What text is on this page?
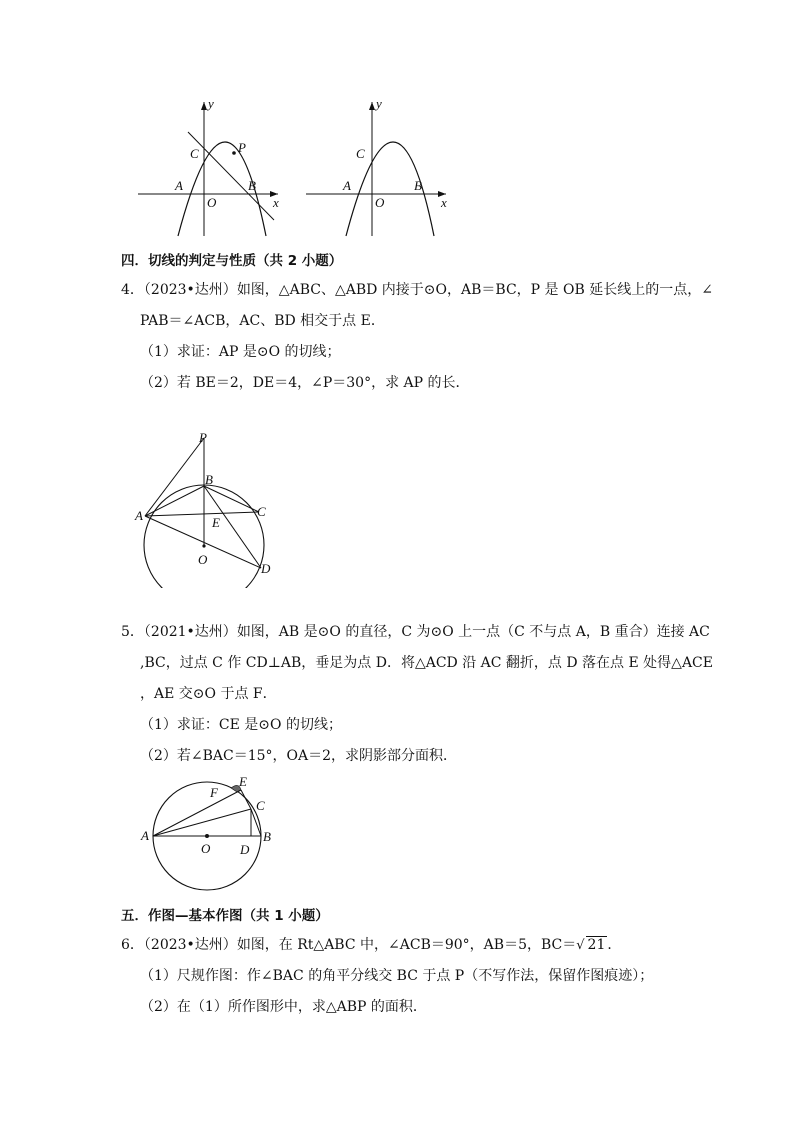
y
x
O
A	B
C	P
y
x
O
A	B
C
四．切线的判定与性质（共 2 小题）
4．（2023•达州）如图，△ABC、△ABD 内接于⊙O，AB＝BC，P 是 OB 延长线上的一点，∠
PAB＝∠ACB，AC、BD 相交于点 E．
（1）求证：AP 是⊙O 的切线；
（2）若 BE＝2，DE＝4，∠P＝30°，求 AP 的长．
P
B
A	C
E
O
D
5．（2021•达州）如图，AB 是⊙O 的直径，C 为⊙O 上一点（C 不与点 A，B 重合）连接 AC
,BC，过点 C 作 CD⊥AB，垂足为点 D．将△ACD 沿 AC 翻折，点 D 落在点 E 处得△ACE
，AE 交⊙O 于点 F．
（1）求证：CE 是⊙O 的切线；
（2）若∠BAC＝15°，OA＝2，求阴影部分面积．
A	B
C
D
E
F
O
五．作图—基本作图（共 1 小题）
6．（2023•达州）如图，在 Rt△ABC 中，∠ACB＝90°，AB＝5，BC＝√ 21 ．
（1）尺规作图：作∠BAC 的角平分线交 BC 于点 P（不写作法，保留作图痕迹）；
（2）在（1）所作图形中，求△ABP 的面积．
